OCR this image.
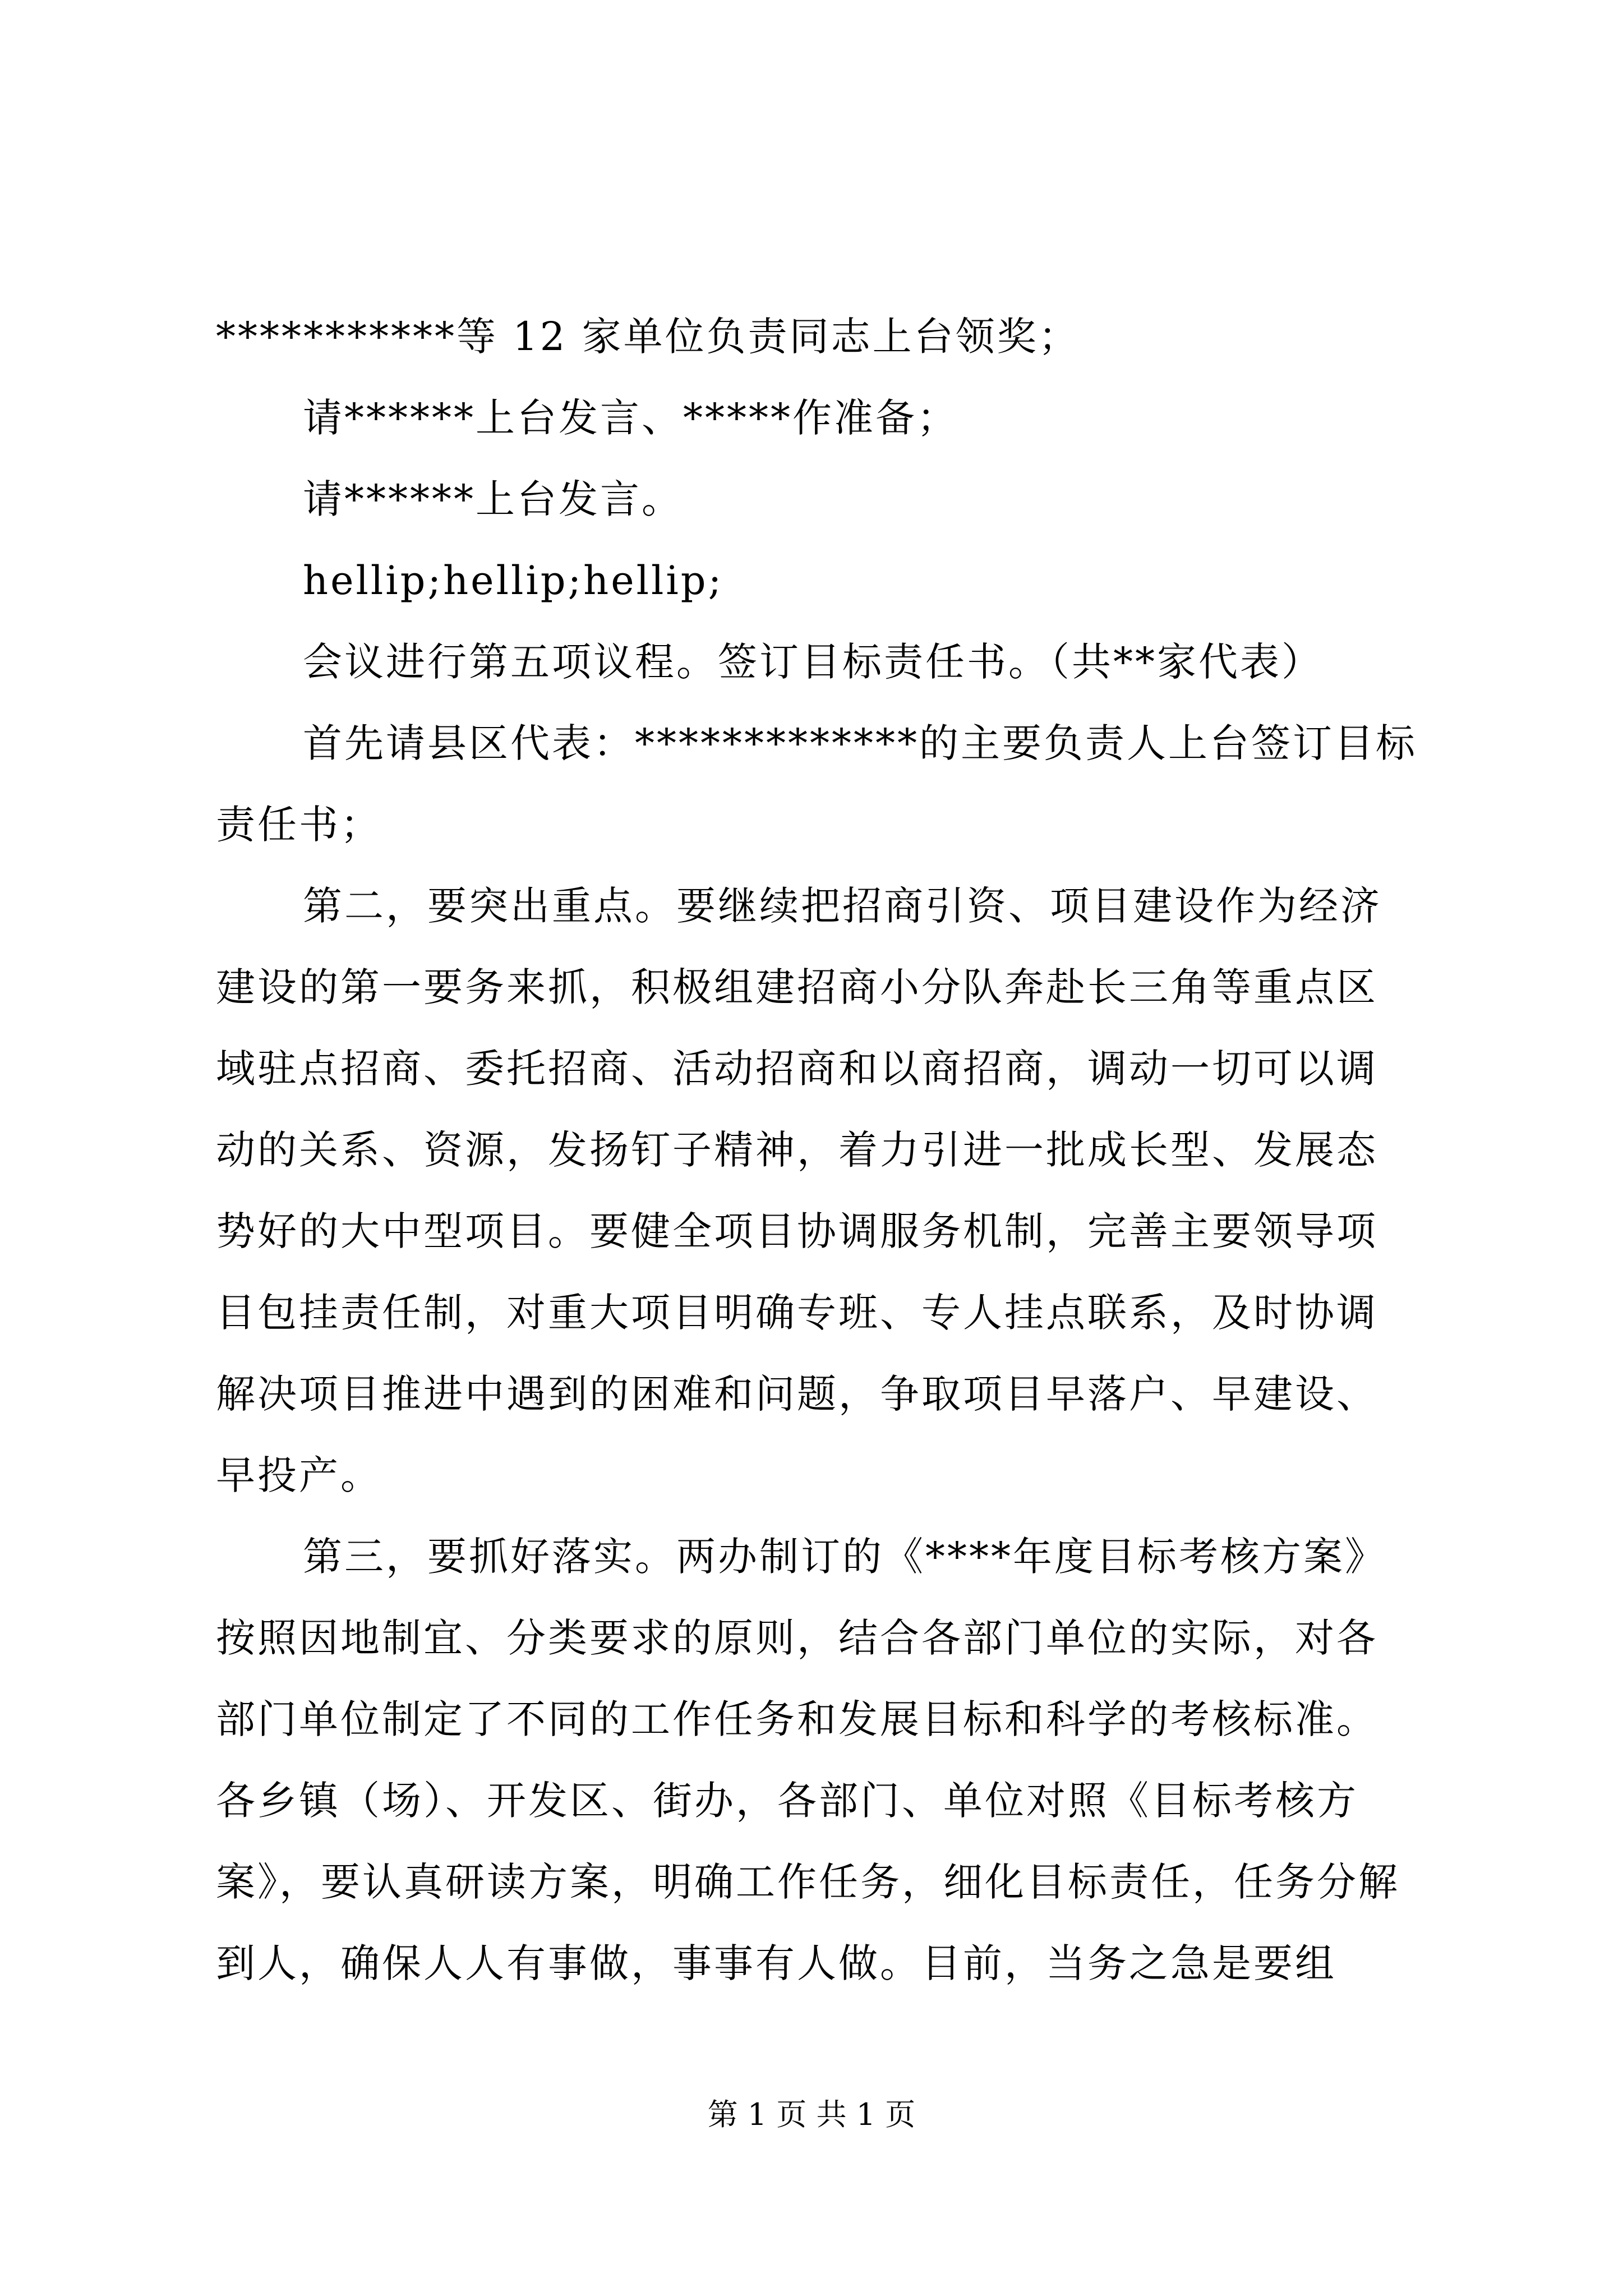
***********等 12 家单位负责同志上台领奖；

请******上台发言、*****作准备；

请******上台发言。

hellip;hellip;hellip;

会议进行第五项议程。签订目标责任书。（共**家代表）

首先请县区代表：*************的主要负责人上台签订目标责任书；

第二，要突出重点。要继续把招商引资、项目建设作为经济建设的第一要务来抓，积极组建招商小分队奔赴长三角等重点区域驻点招商、委托招商、活动招商和以商招商，调动一切可以调动的关系、资源，发扬钉子精神，着力引进一批成长型、发展态势好的大中型项目。要健全项目协调服务机制，完善主要领导项目包挂责任制，对重大项目明确专班、专人挂点联系，及时协调解决项目推进中遇到的困难和问题，争取项目早落户、早建设、早投产。

第三，要抓好落实。两办制订的《****年度目标考核方案》按照因地制宜、分类要求的原则，结合各部门单位的实际，对各部门单位制定了不同的工作任务和发展目标和科学的考核标准。各乡镇（场）、开发区、街办，各部门、单位对照《目标考核方案》，要认真研读方案，明确工作任务，细化目标责任，任务分解到人，确保人人有事做，事事有人做。目前，当务之急是要组

第 1 页 共 1 页
